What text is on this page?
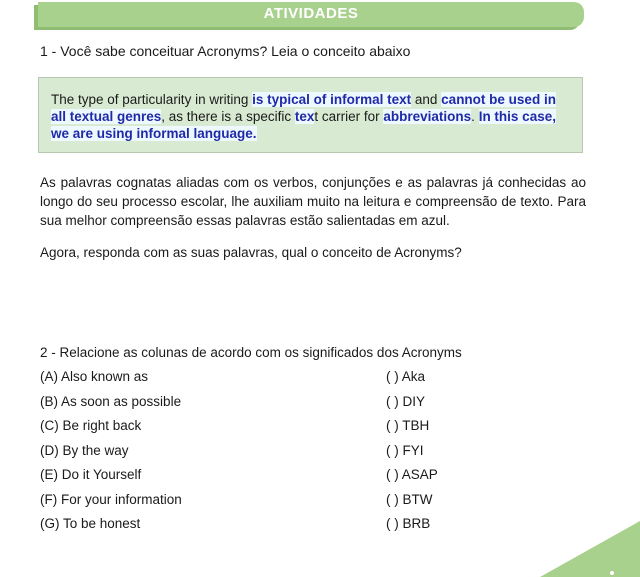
ATIVIDADES
1 - Você sabe conceituar Acronyms? Leia o conceito abaixo
The type of particularity in writing is typical of informal text and cannot be used in all textual genres, as there is a specific text carrier for abbreviations. In this case, we are using informal language.
As palavras cognatas aliadas com os verbos, conjunções e as palavras já conhecidas ao longo do seu processo escolar, lhe auxiliam muito na leitura e compreensão de texto. Para sua melhor compreensão essas palavras estão salientadas em azul.
Agora, responda com as suas palavras, qual o conceito de Acronyms?
2 - Relacione as colunas de acordo com os significados dos Acronyms
(A) Also known as	( ) Aka
(B) As soon as possible	( ) DIY
(C) Be right back	( ) TBH
(D) By the way	( ) FYI
(E) Do it Yourself	( ) ASAP
(F) For your information	( ) BTW
(G) To be honest	( ) BRB
